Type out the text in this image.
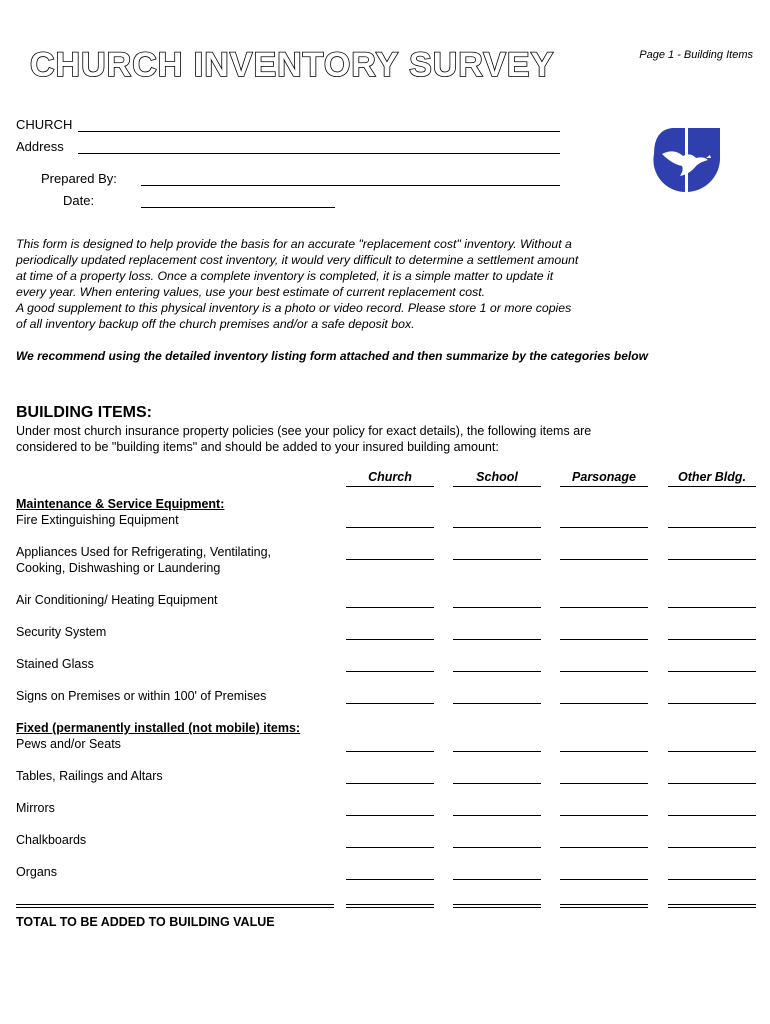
CHURCH INVENTORY SURVEY	Page 1 - Building Items
CHURCH
Address
Prepared By:
Date:

This form is designed to help provide the basis for an accurate "replacement cost" inventory. Without a

periodically updated replacement cost inventory, it would very difficult to determine a settlement amount

at time of a property loss. Once a complete inventory is completed, it is a simple matter to update it

every year. When entering values, use your best estimate of current replacement cost.

A good supplement to this physical inventory is a photo or video record. Please store 1 or more copies

of all inventory backup off the church premises and/or a safe deposit box.

We recommend using the detailed inventory listing form attached and then summarize by the categories below
BUILDING ITEMS:
Under most church insurance property policies (see your policy for exact details), the following items are
considered to be "building items" and should be added to your insured building amount:
Church	School	Parsonage	Other Bldg.
Maintenance & Service Equipment:
Fire Extinguishing Equipment
Appliances Used for Refrigerating, Ventilating,
Cooking, Dishwashing or Laundering
Air Conditioning/ Heating Equipment
Security System
Stained Glass
Signs on Premises or within 100' of Premises
Fixed (permanently installed (not mobile) items:
Pews and/or Seats
Tables, Railings and Altars
Mirrors
Chalkboards
Organs
TOTAL TO BE ADDED TO BUILDING VALUE
